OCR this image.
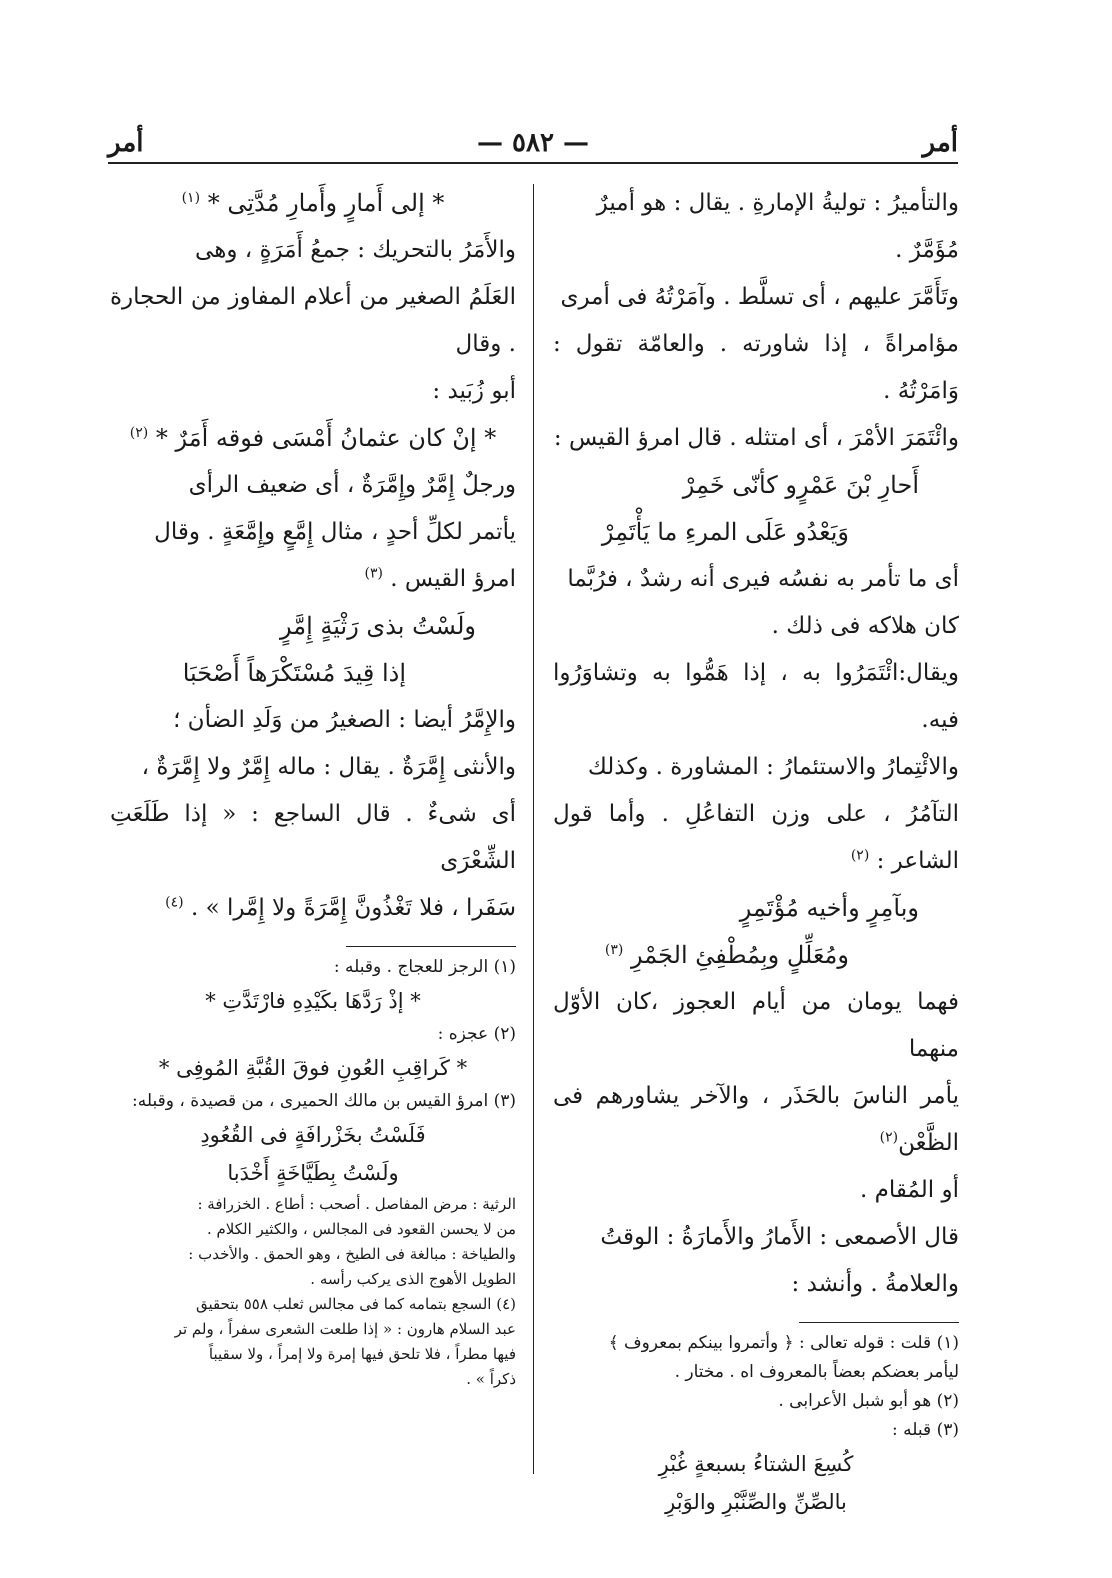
أمر
— ٥٨٢ —
أمر

والتأميرُ : توليةُ الإمارةِ . يقال : هو أميرٌ

مُؤَمَّرٌ .

وتَأَمَّرَ عليهم ، أى تسلَّط . وآمَرْتُهُ فى أمرى

مؤامراةً ، إذا شاورته . والعامّة تقول : وَامَرْتُهُ .

وائْتَمَرَ الأمْرَ ، أى امتثله . قال امرؤ القيس :

أَحارِ بْنَ عَمْرٍو كأنّى خَمِرْ

وَيَعْدُو عَلَى المرءِ ما يَأْتَمِرْ

أى ما تأمر به نفسُه فيرى أنه رشدٌ ، فرُبَّما

كان هلاكه فى ذلك .

ويقال:ائْتَمَرُوا به ، إذا هَمُّوا به وتشاوَرُوا فيه.

والائْتِمارُ والاستئمارُ : المشاورة . وكذلك

التآمُرُ ، على وزن التفاعُلِ . وأما قول الشاعر : $^{(٢)}$

وبآمِرٍ وأخيه مُؤْتَمِرٍ

ومُعَلِّلٍ وبِمُطْفِئِ الجَمْرِ $^{(٣)}$

فهما يومان من أيام العجوز ،كان الأوّل منهما

يأمر الناسَ بالحَذَر ، والآخر يشاورهم فى الظَّعْن$^{(٢)}$

أو المُقام .

قال الأصمعى : الأَمارُ والأَمارَةُ : الوقتُ

والعلامةُ . وأنشد :

(١) قلت : قوله تعالى : ﴿ وأتمروا بينكم بمعروف ﴾

ليأمر بعضكم بعضاً بالمعروف اه . مختار .

(٢) هو أبو شبل الأعرابى .

(٣) قبله :

كُسِعَ الشتاءُ بسبعةٍ غُبْرِ

بالصِّنِّ والصِّنَّبْرِ والوَبْرِ

* إلى أَمارٍ وأَمارِ مُدَّتِى * $^{(١)}$

والأَمَرُ بالتحريك : جمعُ أَمَرَةٍ ، وهى

العَلَمُ الصغير من أعلام المفاوز من الحجارة . وقال

أبو زُبَيد :

* إنْ كان عثمانُ أَمْسَى فوقه أَمَرٌ * $^{(٢)}$

ورجلٌ إِمَّرٌ وإِمَّرَةٌ ، أى ضعيف الرأى

يأتمر لكلِّ أحدٍ ، مثال إِمَّعٍ وإِمَّعَةٍ . وقال

امرؤ القيس . $^{(٣)}$

ولَسْتُ بذى رَثْيَةٍ إِمَّرٍ

إذا قِيدَ مُسْتَكْرَهاً أَصْحَبَا

والإِمَّرُ أيضا : الصغيرُ من وَلَدِ الضأن ؛

والأنثى إِمَّرَةٌ . يقال : ماله إِمَّرٌ ولا إِمَّرَةٌ ،

أى شىءٌ . قال الساجع : « إذا طَلَعَتِ الشِّعْرَى

سَفَرا ، فلا تَغْذُونَّ إِمَّرَةً ولا إِمَّرا » . $^{(٤)}$

(١) الرجز للعجاج . وقبله :

* إذْ رَدَّهَا بكَيْدِهِ فارْتَدَّتِ *

(٢) عجزه :

* كَراقِبِ العُونِ فوقَ القُبَّةِ المُوفِى *

(٣) امرؤ القيس بن مالك الحميرى ، من قصيدة ، وقبله:

فَلَسْتُ بخَزْرافَةٍ فى القُعُودِ

ولَسْتُ بِطَيَّاخَةٍ أَخْدَبا

الرثية : مرض المفاصل . أصحب : أطاع . الخزرافة :

من لا يحسن القعود فى المجالس ، والكثير الكلام .

والطياخة : مبالغة فى الطيخ ، وهو الحمق . والأخدب :

الطويل الأهوج الذى يركب رأسه .

(٤) السجع بتمامه كما فى مجالس ثعلب ٥٥٨ بتحقيق

عبد السلام هارون : « إذا طلعت الشعرى سفراً ، ولم تر

فيها مطراً ، فلا تلحق فيها إمرة ولا إمراً ، ولا سقيباً

ذكراً » .
